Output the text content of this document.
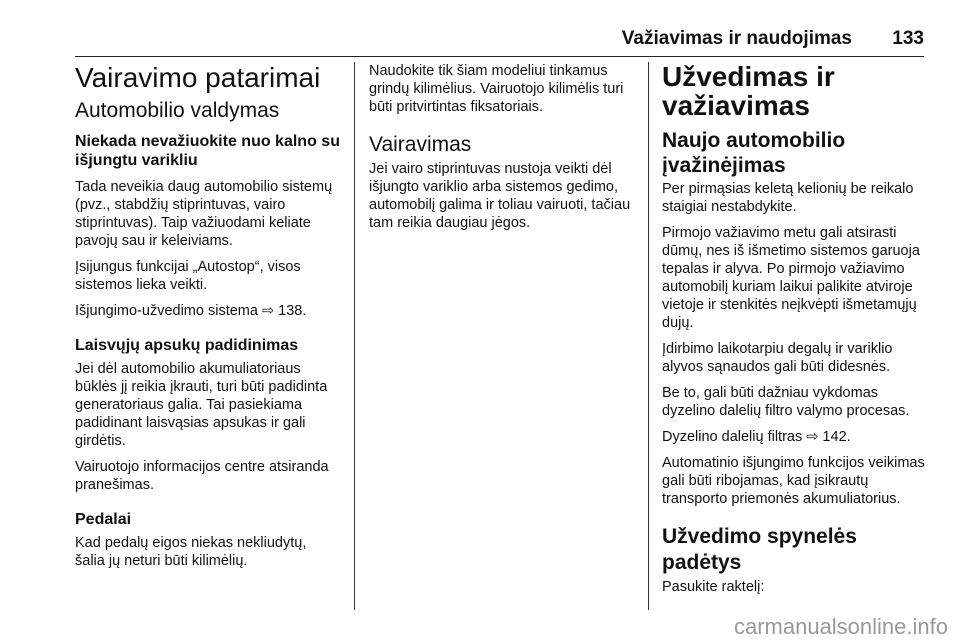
Važiavimas ir naudojimas 133
Vairavimo patarimai
Automobilio valdymas
Niekada nevažiuokite nuo kalno su išjungtu varikliu

Tada neveikia daug automobilio sistemų (pvz., stabdžių stiprintuvas, vairo stiprintuvas). Taip važiuodami keliate pavojų sau ir keleiviams.

Įsijungus funkcijai „Autostop“, visos sistemos lieka veikti.

Išjungimo-užvedimo sistema ⇨ 138.

Laisvųjų apsukų padidinimas

Jei dėl automobilio akumuliatoriaus būklės jį reikia įkrauti, turi būti padidinta generatoriaus galia. Tai pasiekiama padidinant laisvąsias apsukas ir gali girdėtis.

Vairuotojo informacijos centre atsiranda pranešimas.

Pedalai

Kad pedalų eigos niekas nekliudytų, šalia jų neturi būti kilimėlių.

Naudokite tik šiam modeliui tinkamus grindų kilimėlius. Vairuotojo kilimėlis turi būti pritvirtintas fiksatoriais.

Vairavimas

Jei vairo stiprintuvas nustoja veikti dėl išjungto variklio arba sistemos gedimo, automobilį galima ir toliau vairuoti, tačiau tam reikia daugiau jėgos.

Užvedimas ir važiavimas
Naujo automobilio įvažinėjimas

Per pirmąsias keletą kelionių be reikalo staigiai nestabdykite.

Pirmojo važiavimo metu gali atsirasti dūmų, nes iš išmetimo sistemos garuoja tepalas ir alyva. Po pirmojo važiavimo automobilį kuriam laikui palikite atviroje vietoje ir stenkitės neįkvėpti išmetamųjų dujų.

Įdirbimo laikotarpiu degalų ir variklio alyvos sąnaudos gali būti didesnės.

Be to, gali būti dažniau vykdomas dyzelino dalelių filtro valymo procesas.

Dyzelino dalelių filtras ⇨ 142.

Automatinio išjungimo funkcijos veikimas gali būti ribojamas, kad įsikrautų transporto priemonės akumuliatorius.

Užvedimo spynelės padėtys

Pasukite raktelį:

carmanualsonline.info
